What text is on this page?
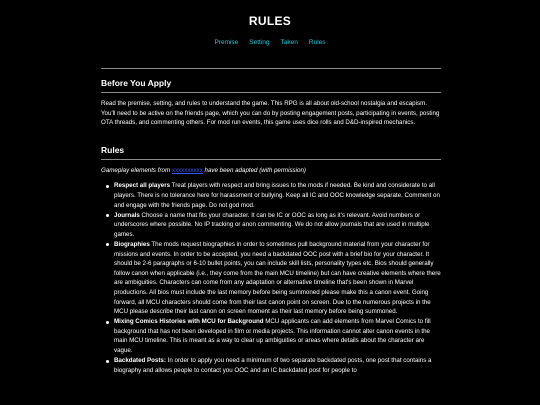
RULES
Premise Setting Taken Rules
Before You Apply

Read the premise, setting, and rules to understand the game. This RPG is all about old-school nostalgia and escapism. You'll need to be active on the friends page, which you can do by posting engagement posts, participating in events, posting OTA threads, and commenting others. For mod run events, this game uses dice rolls and D&D-inspired mechanics.

Rules

Gameplay elements from xxxxxxxxxx have been adapted (with permission)

Respect all players Treat players with respect and bring issues to the mods if needed. Be kind and considerate to all players. There is no tolerance here for harassment or bullying. Keep all IC and OOC knowledge separate. Comment on and engage with the friends page. Do not god mod.
Journals Choose a name that fits your character. It can be IC or OOC as long as it's relevant. Avoid numbers or underscores where possible. No IP tracking or anon commenting. We do not allow journals that are used in multiple games.
Biographies The mods request biographies in order to sometimes pull background material from your character for missions and events. In order to be accepted, you need a backdated OOC post with a brief bio for your character. It should be 2-6 paragraphs or 6-10 bullet points, you can include skill lists, personality types etc. Bios should generally follow canon when applicable (i.e., they come from the main MCU timeline) but can have creative elements where there are ambiguities. Characters can come from any adaptation or alternative timeline that's been shown in Marvel productions. All bios must include the last memory before being summoned please make this a canon event. Going forward, all MCU characters should come from their last canon point on screen. Due to the numerous projects in the MCU please describe their last canon on screen moment as their last memory before being summoned.
Mixing Comics Histories with MCU for Background MCU applicants can add elements from Marvel Comics to fill background that has not been developed in film or media projects. This information cannot alter canon events in the main MCU timeline. This is meant as a way to clear up ambiguities or areas where details about the character are vague.
Backdated Posts: In order to apply you need a minimum of two separate backdated posts, one post that contains a biography and allows people to contact you OOC and an IC backdated post for people to
